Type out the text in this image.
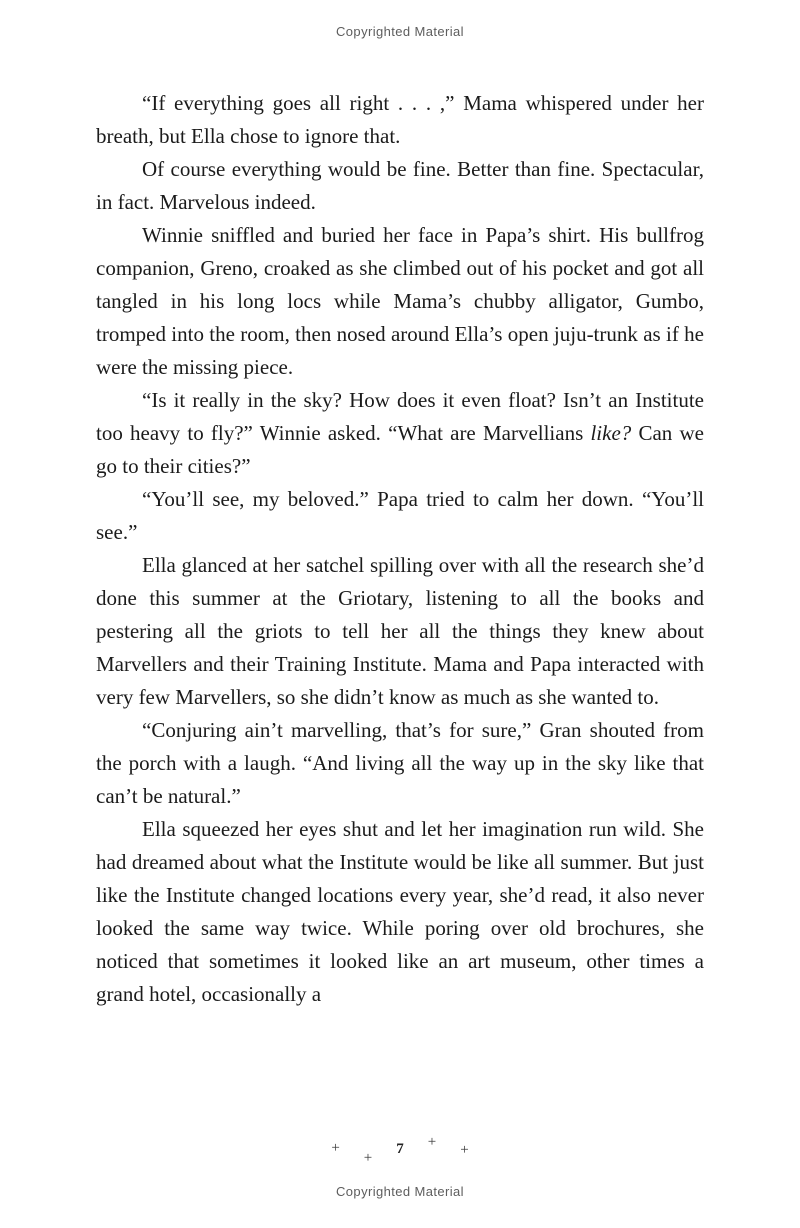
Copyrighted Material

“If everything goes all right . . . ,” Mama whispered under her breath, but Ella chose to ignore that.

Of course everything would be fine. Better than fine. Spectacular, in fact. Marvelous indeed.

Winnie sniffled and buried her face in Papa’s shirt. His bullfrog companion, Greno, croaked as she climbed out of his pocket and got all tangled in his long locs while Mama’s chubby alligator, Gumbo, tromped into the room, then nosed around Ella’s open juju-trunk as if he were the missing piece.

“Is it really in the sky? How does it even float? Isn’t an Institute too heavy to fly?” Winnie asked. “What are Marvellians like? Can we go to their cities?”

“You’ll see, my beloved.” Papa tried to calm her down. “You’ll see.”

Ella glanced at her satchel spilling over with all the research she’d done this summer at the Griotary, listening to all the books and pestering all the griots to tell her all the things they knew about Marvellers and their Training Institute. Mama and Papa interacted with very few Marvellers, so she didn’t know as much as she wanted to.

“Conjuring ain’t marvelling, that’s for sure,” Gran shouted from the porch with a laugh. “And living all the way up in the sky like that can’t be natural.”

Ella squeezed her eyes shut and let her imagination run wild. She had dreamed about what the Institute would be like all summer. But just like the Institute changed locations every year, she’d read, it also never looked the same way twice. While poring over old brochures, she noticed that sometimes it looked like an art museum, other times a grand hotel, occasionally a

+
+
7 + +
Copyrighted Material
